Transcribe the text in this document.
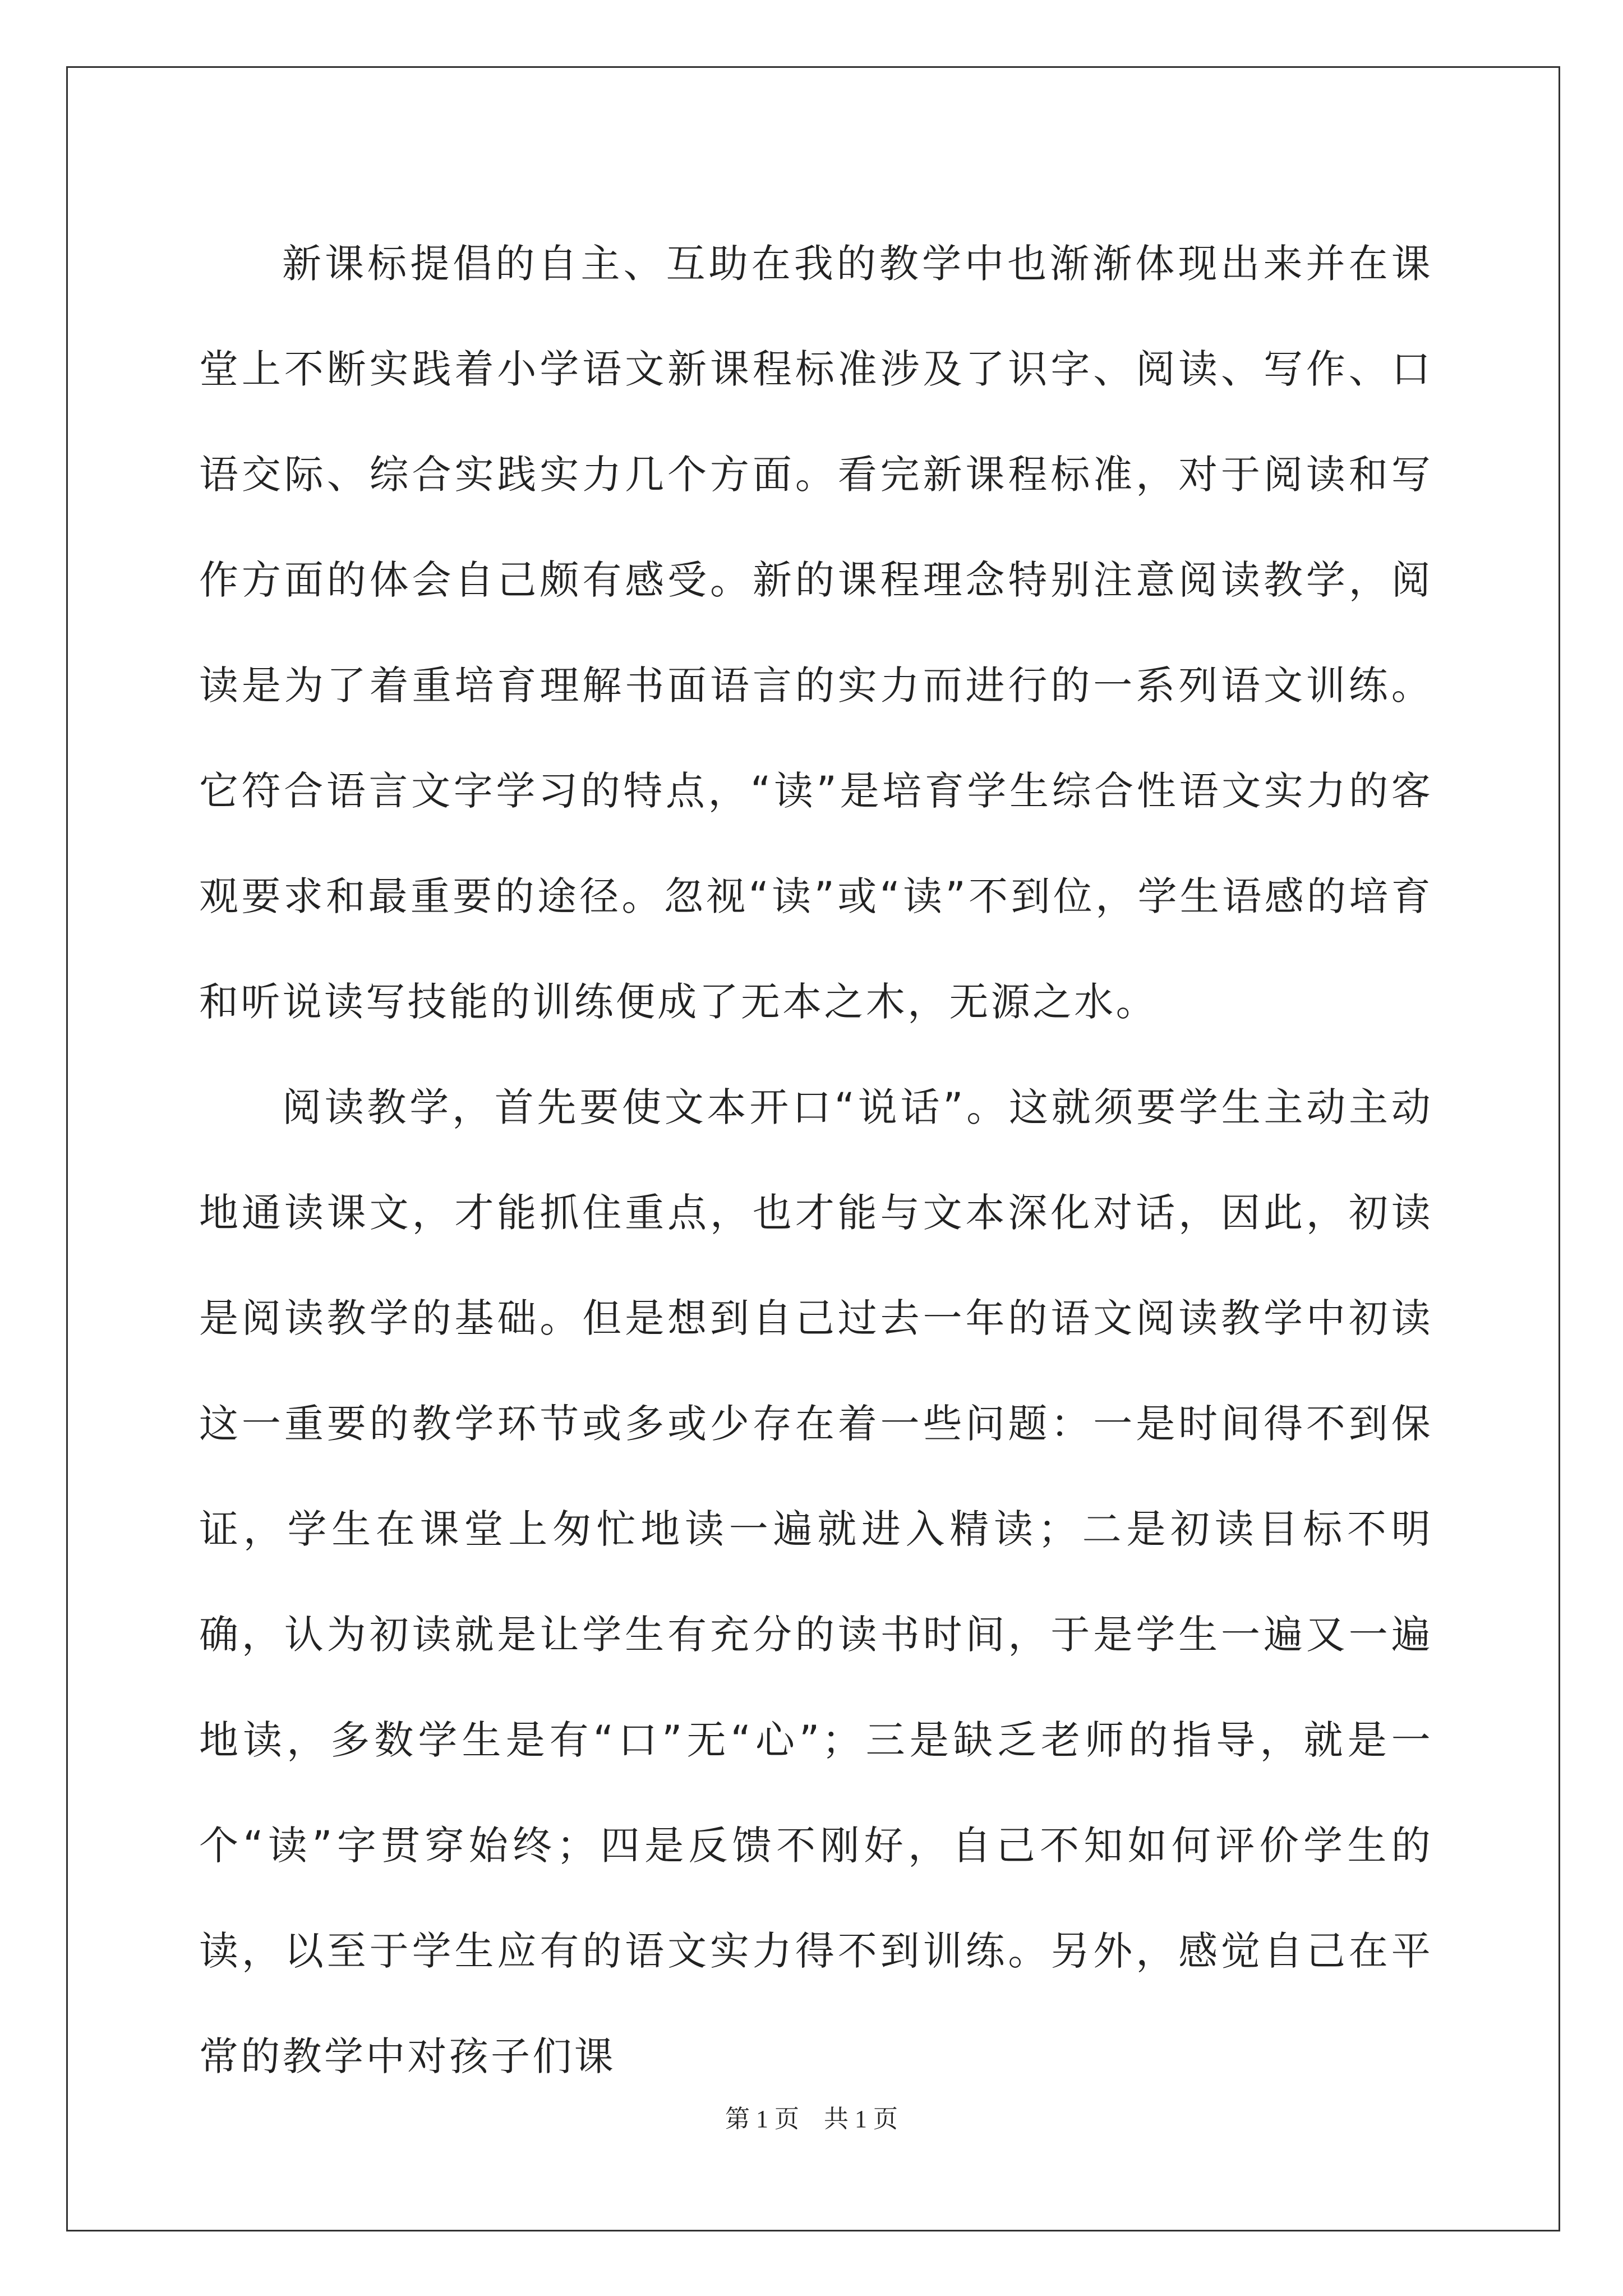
新课标提倡的自主、互助在我的教学中也渐渐体现出来并在课堂上不断实践着小学语文新课程标准涉及了识字、阅读、写作、口语交际、综合实践实力几个方面。看完新课程标准，对于阅读和写作方面的体会自己颇有感受。新的课程理念特别注意阅读教学，阅读是为了着重培育理解书面语言的实力而进行的一系列语文训练。它符合语言文字学习的特点，“读”是培育学生综合性语文实力的客观要求和最重要的途径。忽视“读”或“读”不到位，学生语感的培育和听说读写技能的训练便成了无本之木，无源之水。

阅读教学，首先要使文本开口“说话”。这就须要学生主动主动地通读课文，才能抓住重点，也才能与文本深化对话，因此，初读是阅读教学的基础。但是想到自己过去一年的语文阅读教学中初读这一重要的教学环节或多或少存在着一些问题：一是时间得不到保证，学生在课堂上匆忙地读一遍就进入精读；二是初读目标不明确，认为初读就是让学生有充分的读书时间，于是学生一遍又一遍地读，多数学生是有“口”无“心”；三是缺乏老师的指导，就是一个“读”字贯穿始终；四是反馈不刚好，自己不知如何评价学生的读，以至于学生应有的语文实力得不到训练。另外，感觉自己在平常的教学中对孩子们课

第 1 页　共 1 页
